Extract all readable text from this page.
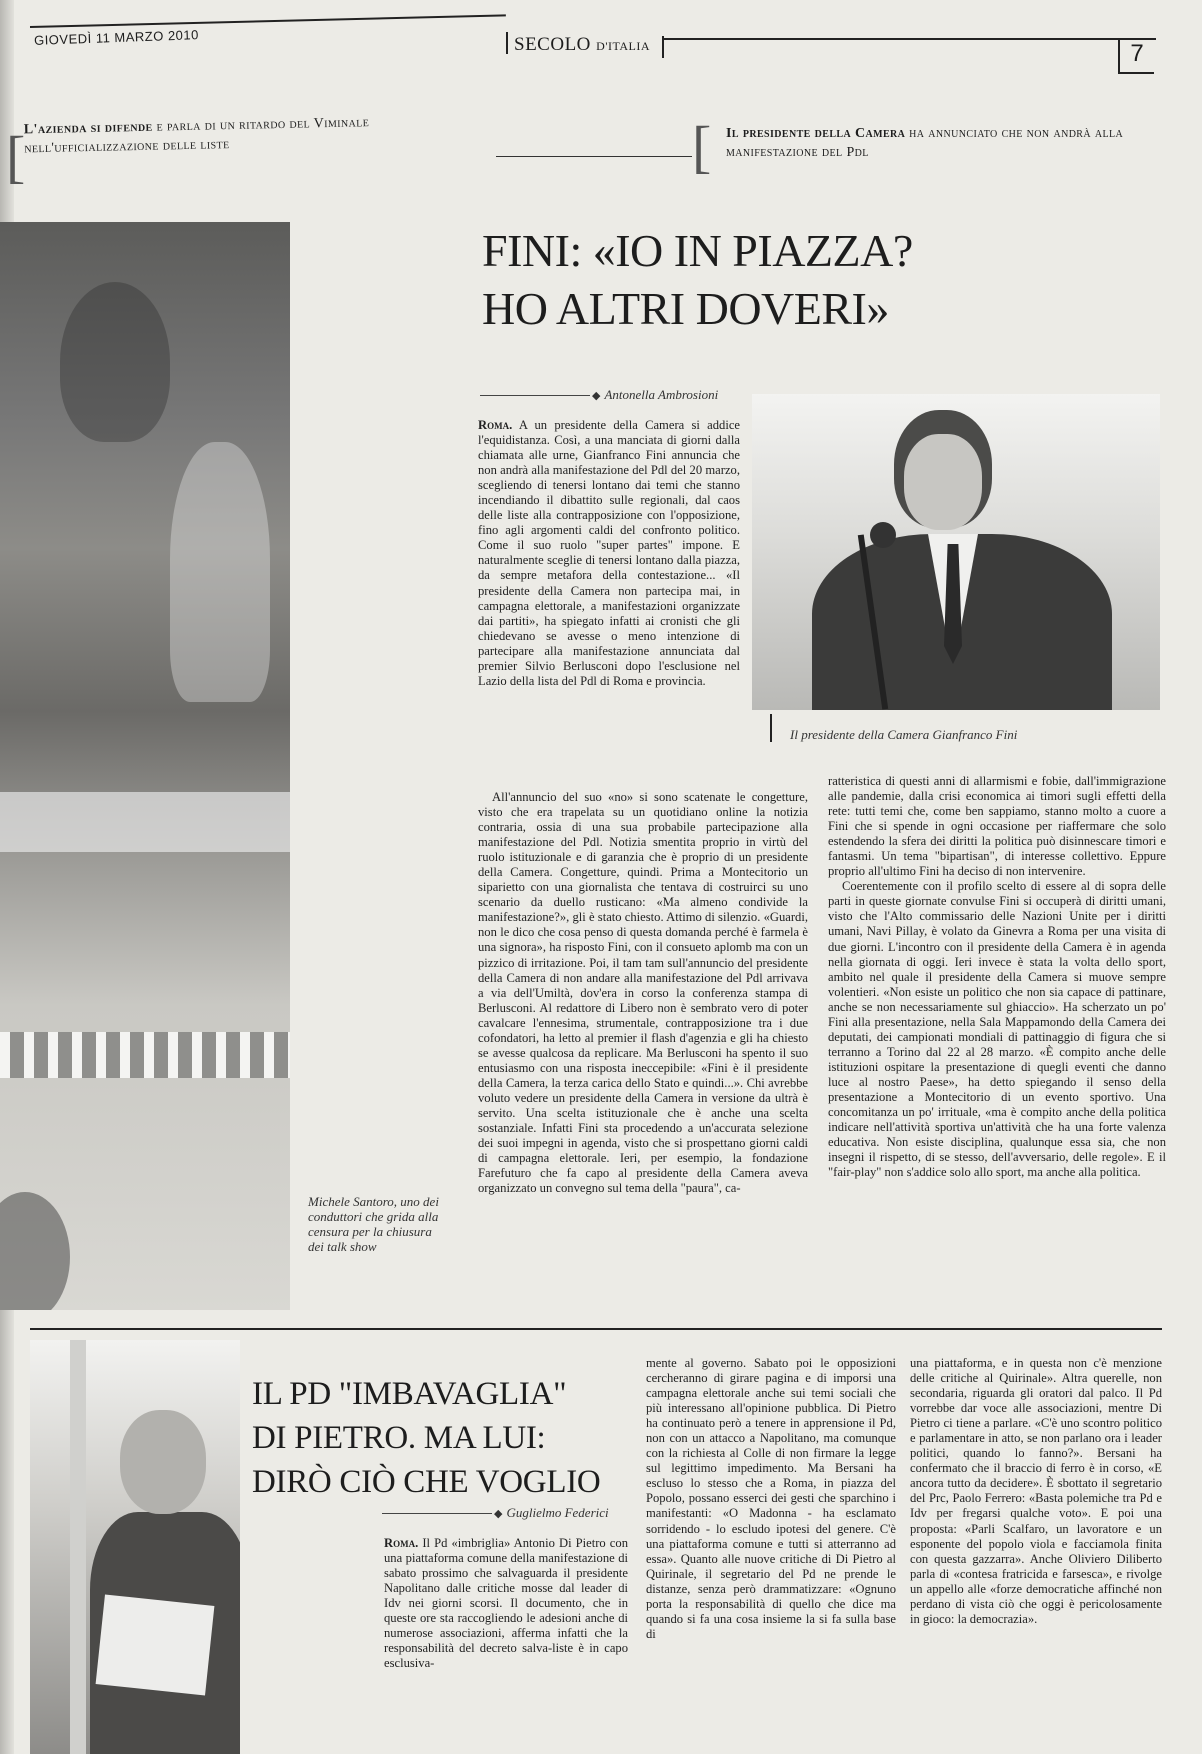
GIOVEDÌ 11 MARZO 2010	SECOLO D'ITALIA	7
[
L'azienda si difende e parla di un ritardo del Viminale nell'ufficializzazione delle liste	[ Il presidente della Camera ha annunciato che non andrà alla manifestazione del Pdl
FINI: «IO IN PIAZZA?
HO ALTRI DOVERI»
Michele Santoro, uno dei conduttori che grida alla censura per la chiusura dei talk show
◆ Antonella Ambrosioni
Il presidente della Camera Gianfranco Fini
Roma. A un presidente della Camera si addice l'equidistanza. Così, a una manciata di giorni dalla chiamata alle urne, Gianfranco Fini annuncia che non andrà alla manifestazione del Pdl del 20 marzo, scegliendo di tenersi lontano dai temi che stanno incendiando il dibattito sulle regionali, dal caos delle liste alla contrapposizione con l'opposizione, fino agli argomenti caldi del confronto politico. Come il suo ruolo "super partes" impone. E naturalmente sceglie di tenersi lontano dalla piazza, da sempre metafora della contestazione... «Il presidente della Camera non partecipa mai, in campagna elettorale, a manifestazioni organizzate dai partiti», ha spiegato infatti ai cronisti che gli chiedevano se avesse o meno intenzione di partecipare alla manifestazione annunciata dal premier Silvio Berlusconi dopo l'esclusione nel Lazio della lista del Pdl di Roma e provincia.
All'annuncio del suo «no» si sono scatenate le congetture, visto che era trapelata su un quotidiano online la notizia contraria, ossia di una sua probabile partecipazione alla manifestazione del Pdl. Notizia smentita proprio in virtù del ruolo istituzionale e di garanzia che è proprio di un presidente della Camera. Congetture, quindi. Prima a Montecitorio un siparietto con una giornalista che tentava di costruirci su uno scenario da duello rusticano: «Ma almeno condivide la manifestazione?», gli è stato chiesto. Attimo di silenzio. «Guardi, non le dico che cosa penso di questa domanda perché è farmela è una signora», ha risposto Fini, con il consueto aplomb ma con un pizzico di irritazione. Poi, il tam tam sull'annuncio del presidente della Camera di non andare alla manifestazione del Pdl arrivava a via dell'Umiltà, dov'era in corso la conferenza stampa di Berlusconi. Al redattore di Libero non è sembrato vero di poter cavalcare l'ennesima, strumentale, contrapposizione tra i due cofondatori, ha letto al premier il flash d'agenzia e gli ha chiesto se avesse qualcosa da replicare. Ma Berlusconi ha spento il suo entusiasmo con una risposta ineccepibile: «Fini è il presidente della Camera, la terza carica dello Stato e quindi...». Chi avrebbe voluto vedere un presidente della Camera in versione da ultrà è servito. Una scelta istituzionale che è anche una scelta sostanziale. Infatti Fini sta procedendo a un'accurata selezione dei suoi impegni in agenda, visto che si prospettano giorni caldi di campagna elettorale. Ieri, per esempio, la fondazione Farefuturo che fa capo al presidente della Camera aveva organizzato un convegno sul tema della "paura", ca-

ratteristica di questi anni di allarmismi e fobie, dall'immigrazione alle pandemie, dalla crisi economica ai timori sugli effetti della rete: tutti temi che, come ben sappiamo, stanno molto a cuore a Fini che si spende in ogni occasione per riaffermare che solo estendendo la sfera dei diritti la politica può disinnescare timori e fantasmi. Un tema "bipartisan", di interesse collettivo. Eppure proprio all'ultimo Fini ha deciso di non intervenire.

Coerentemente con il profilo scelto di essere al di sopra delle parti in queste giornate convulse Fini si occuperà di diritti umani, visto che l'Alto commissario delle Nazioni Unite per i diritti umani, Navi Pillay, è volato da Ginevra a Roma per una visita di due giorni. L'incontro con il presidente della Camera è in agenda nella giornata di oggi. Ieri invece è stata la volta dello sport, ambito nel quale il presidente della Camera si muove sempre volentieri. «Non esiste un politico che non sia capace di pattinare, anche se non necessariamente sul ghiaccio». Ha scherzato un po' Fini alla presentazione, nella Sala Mappamondo della Camera dei deputati, dei campionati mondiali di pattinaggio di figura che si terranno a Torino dal 22 al 28 marzo. «È compito anche delle istituzioni ospitare la presentazione di quegli eventi che danno luce al nostro Paese», ha detto spiegando il senso della presentazione a Montecitorio di un evento sportivo. Una concomitanza un po' irrituale, «ma è compito anche della politica indicare nell'attività sportiva un'attività che ha una forte valenza educativa. Non esiste disciplina, qualunque essa sia, che non insegni il rispetto, di se stesso, dell'avversario, delle regole». E il "fair-play" non s'addice solo allo sport, ma anche alla politica.

IL PD "IMBAVAGLIA"
DI PIETRO. MA LUI:
DIRÒ CIÒ CHE VOGLIO
◆ Guglielmo Federici
Roma. Il Pd «imbriglia» Antonio Di Pietro con una piattaforma comune della manifestazione di sabato prossimo che salvaguarda il presidente Napolitano dalle critiche mosse dal leader di Idv nei giorni scorsi. Il documento, che in queste ore sta raccogliendo le adesioni anche di numerose associazioni, afferma infatti che la responsabilità del decreto salva-liste è in capo esclusiva-
mente al governo. Sabato poi le opposizioni cercheranno di girare pagina e di imporsi una campagna elettorale anche sui temi sociali che più interessano all'opinione pubblica. Di Pietro ha continuato però a tenere in apprensione il Pd, non con un attacco a Napolitano, ma comunque con la richiesta al Colle di non firmare la legge sul legittimo impedimento. Ma Bersani ha escluso lo stesso che a Roma, in piazza del Popolo, possano esserci dei gesti che sparchino i manifestanti: «O Madonna - ha esclamato sorridendo - lo escludo ipotesi del genere. C'è una piattaforma comune e tutti si atterranno ad essa». Quanto alle nuove critiche di Di Pietro al Quirinale, il segretario del Pd ne prende le distanze, senza però drammatizzare: «Ognuno porta la responsabilità di quello che dice ma quando si fa una cosa insieme la si fa sulla base di
una piattaforma, e in questa non c'è menzione delle critiche al Quirinale». Altra querelle, non secondaria, riguarda gli oratori dal palco. Il Pd vorrebbe dar voce alle associazioni, mentre Di Pietro ci tiene a parlare. «C'è uno scontro politico e parlamentare in atto, se non parlano ora i leader politici, quando lo fanno?». Bersani ha confermato che il braccio di ferro è in corso, «E ancora tutto da decidere». È sbottato il segretario del Prc, Paolo Ferrero: «Basta polemiche tra Pd e Idv per fregarsi qualche voto». E poi una proposta: «Parli Scalfaro, un lavoratore e un esponente del popolo viola e facciamola finita con questa gazzarra». Anche Oliviero Diliberto parla di «contesa fratricida e farsesca», e rivolge un appello alle «forze democratiche affinché non perdano di vista ciò che oggi è pericolosamente in gioco: la democrazia».
